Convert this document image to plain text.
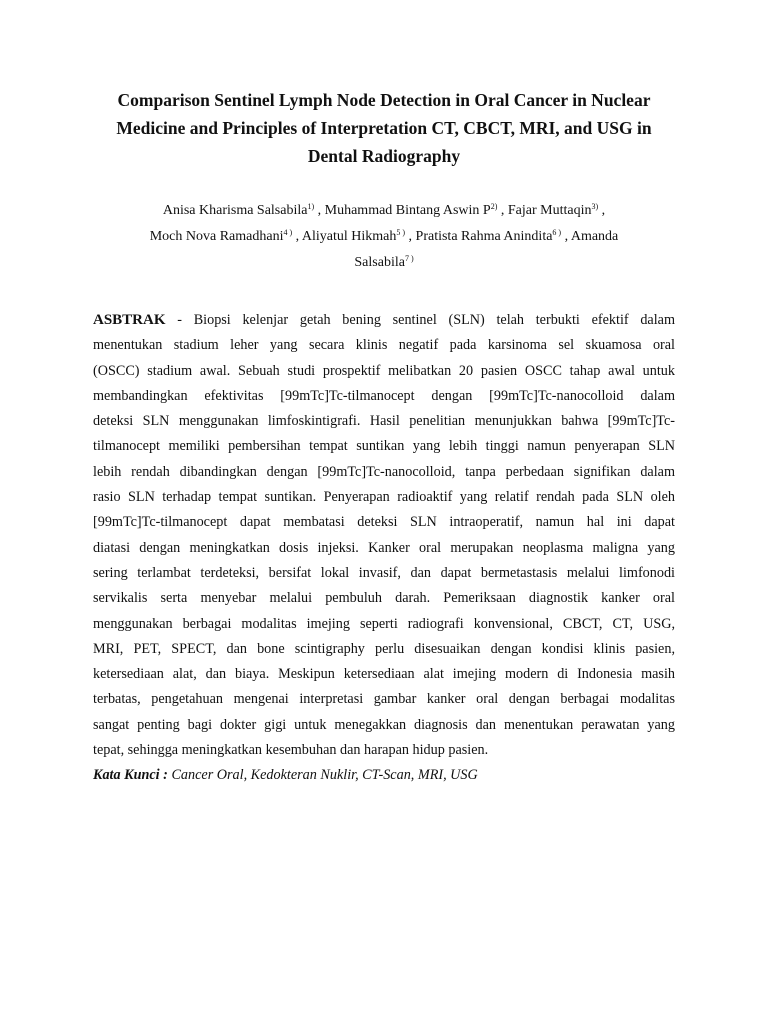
Comparison Sentinel Lymph Node Detection in Oral Cancer in Nuclear
Medicine and Principles of Interpretation CT, CBCT, MRI, and USG in
Dental Radiography
Anisa Kharisma Salsabila$^{1)}$ , Muhammad Bintang Aswin $P^{2)}$ , Fajar Muttaqin$^{3)}$ ,
Moch Nova Ramadhani$^{4 )}$ , Aliyatul Hikmah$^{5 )}$ , Pratista Rahma Anindita$^{6 )}$ , Amanda
Salsabila$^{7 )}$
ASBTRAK - Biopsi kelenjar getah bening sentinel (SLN) telah terbukti efektif dalam
menentukan stadium leher yang secara klinis negatif pada karsinoma sel skuamosa oral
(OSCC) stadium awal. Sebuah studi prospektif melibatkan 20 pasien OSCC tahap awal untuk
membandingkan efektivitas [99mTc]Tc-tilmanocept dengan [99mTc]Tc-nanocolloid dalam
deteksi SLN menggunakan limfoskintigrafi. Hasil penelitian menunjukkan bahwa [99mTc]Tc-
tilmanocept memiliki pembersihan tempat suntikan yang lebih tinggi namun penyerapan SLN
lebih rendah dibandingkan dengan [99mTc]Tc-nanocolloid, tanpa perbedaan signifikan dalam
rasio SLN terhadap tempat suntikan. Penyerapan radioaktif yang relatif rendah pada SLN oleh
[99mTc]Tc-tilmanocept dapat membatasi deteksi SLN intraoperatif, namun hal ini dapat
diatasi dengan meningkatkan dosis injeksi. Kanker oral merupakan neoplasma maligna yang
sering terlambat terdeteksi, bersifat lokal invasif, dan dapat bermetastasis melalui limfonodi
servikalis serta menyebar melalui pembuluh darah. Pemeriksaan diagnostik kanker oral
menggunakan berbagai modalitas imejing seperti radiografi konvensional, CBCT, CT, USG,
MRI, PET, SPECT, dan bone scintigraphy perlu disesuaikan dengan kondisi klinis pasien,
ketersediaan alat, dan biaya. Meskipun ketersediaan alat imejing modern di Indonesia masih
terbatas, pengetahuan mengenai interpretasi gambar kanker oral dengan berbagai modalitas
sangat penting bagi dokter gigi untuk menegakkan diagnosis dan menentukan perawatan yang
tepat, sehingga meningkatkan kesembuhan dan harapan hidup pasien.
Kata Kunci : Cancer Oral, Kedokteran Nuklir, CT-Scan, MRI, USG
